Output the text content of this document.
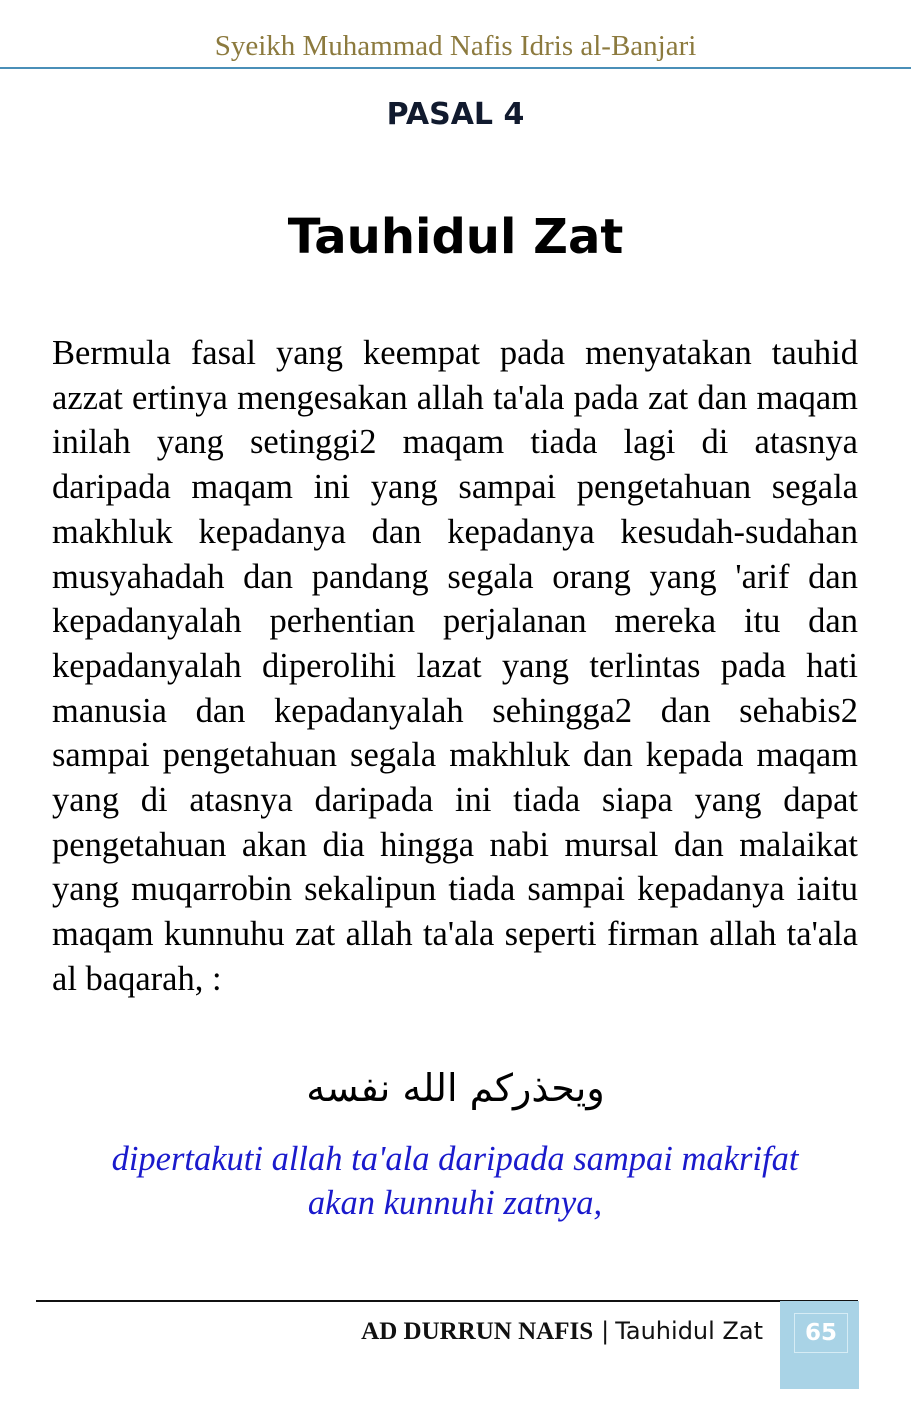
Syeikh Muhammad Nafis Idris al-Banjari
PASAL 4
Tauhidul Zat

Bermula fasal yang keempat pada menyatakan tauhid azzat ertinya mengesakan allah ta'ala pada zat dan maqam inilah yang setinggi2 maqam tiada lagi di atasnya daripada maqam ini yang sampai pengetahuan segala makhluk kepadanya dan kepadanya kesudah-sudahan musyahadah dan pandang segala orang yang 'arif dan kepadanyalah perhentian perjalanan mereka itu dan kepadanyalah diperolihi lazat yang terlintas pada hati manusia dan kepadanyalah sehingga2 dan sehabis2 sampai pengetahuan segala makhluk dan kepada maqam yang di atasnya daripada ini tiada siapa yang dapat pengetahuan akan dia hingga nabi mursal dan malaikat yang muqarrobin sekalipun tiada sampai kepadanya iaitu maqam kunnuhu zat allah ta'ala seperti firman allah ta'ala al baqarah, :

ويحذركم الله نفسه

dipertakuti allah ta'ala daripada sampai makrifat
akan kunnuhi zatnya,

AD DURRUN NAFIS | Tauhidul Zat	65
